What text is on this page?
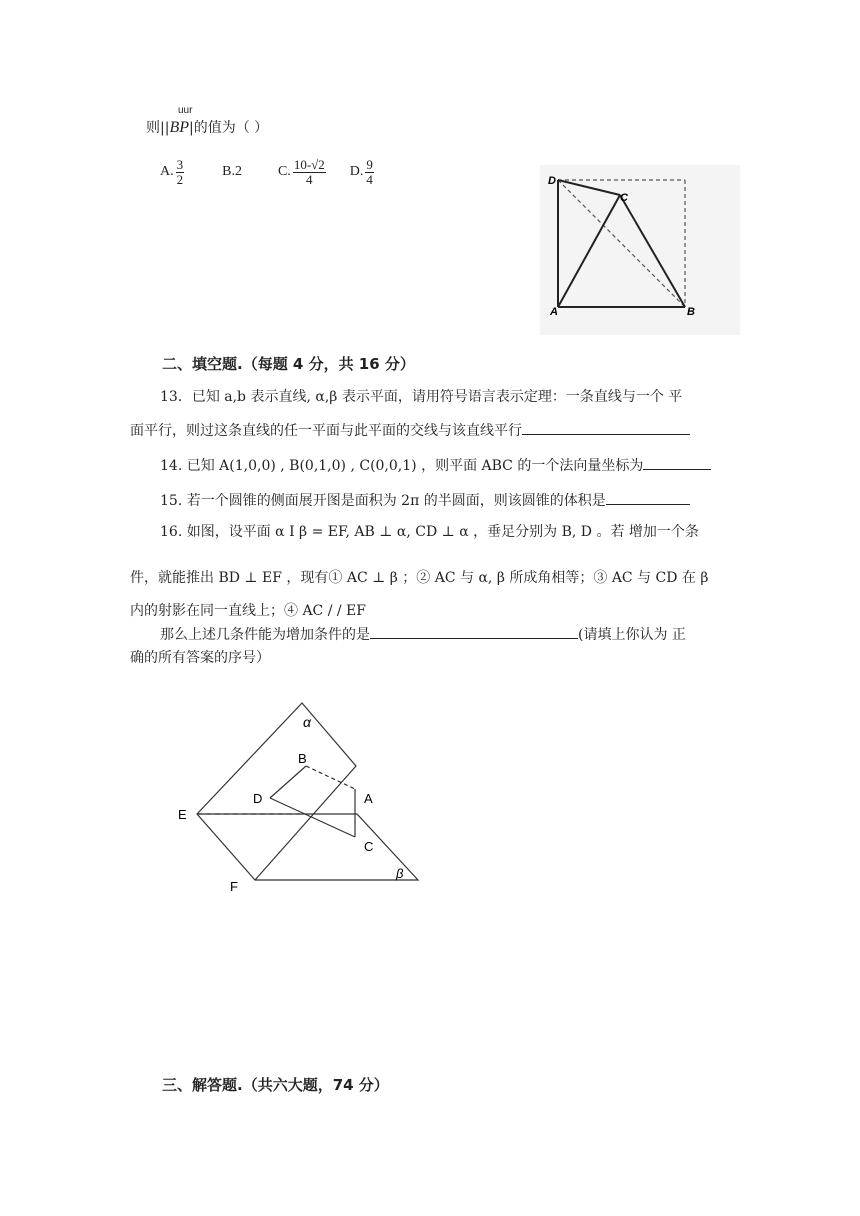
uur
则||BP|的值为（ ）
A. $\frac{3}{2}$	B.2	C. $\frac{10-√2}{4} D$. $\frac{9}{4}$	D
C
A	B
二、填空题.（每题 4 分，共 16 分）
13．已知 a,b 表示直线, α,β 表示平面，请用符号语言表示定理：一条直线与一个 平
面平行，则过这条直线的任一平面与此平面的交线与该直线平行
14. 已知 A(1,0,0) , B(0,1,0) , C(0,0,1) ，则平面 ABC 的一个法向量坐标为
15. 若一个圆锥的侧面展开图是面积为 2π 的半圆面，则该圆锥的体积是
16. 如图，设平面 α I β = EF, AB ⊥ α, CD ⊥ α ，垂足分别为 B, D 。若 增加一个条
件，就能推出 BD ⊥ EF ，现有① AC ⊥ β ；② AC 与 α, β 所成角相等；③ AC 与 CD 在 β
内的射影在同一直线上；④ AC / / EF
那么上述几条件能为增加条件的是	(请填上你认为 正
确的所有答案的序号）
α
B
D	A
E
C
F
β
三、解答题.（共六大题，74 分）
